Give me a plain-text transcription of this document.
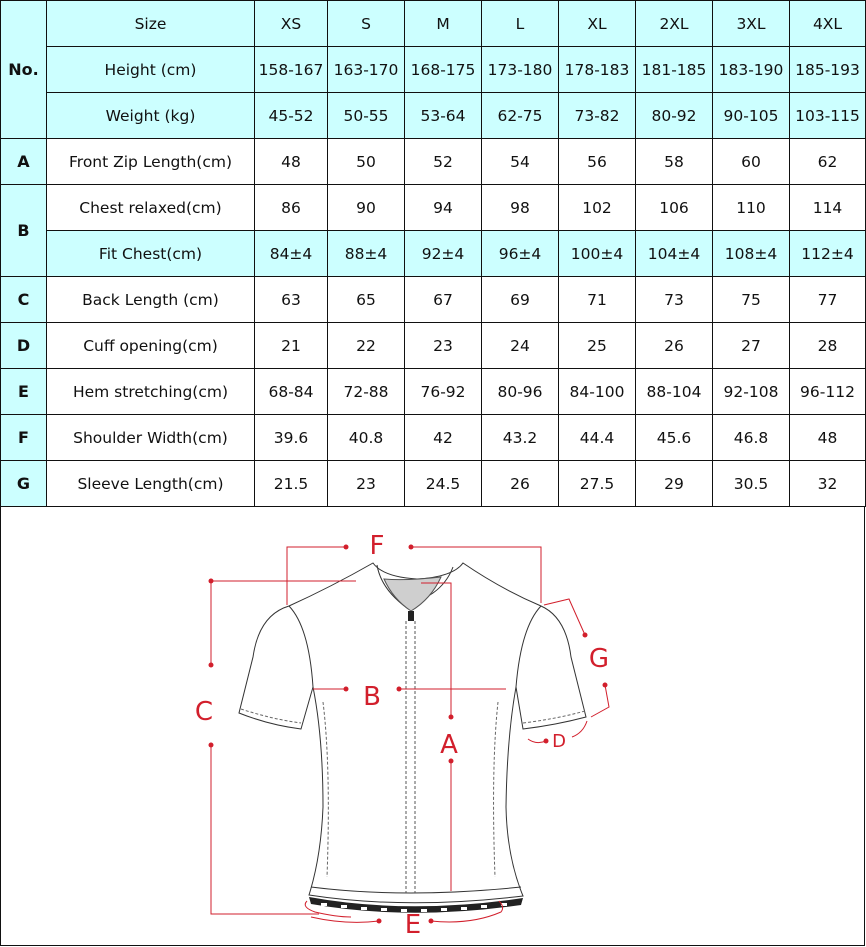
No.	Size	XS	S	M	L	XL	2XL	3XL	4XL
	Height (cm)	158-167	163-170	168-175	173-180	178-183	181-185	183-190	185-193
	Weight (kg)	45-52	50-55	53-64	62-75	73-82	80-92	90-105	103-115
A	Front Zip Length(cm)	48	50	52	54	56	58	60	62
B	Chest relaxed(cm)	86	90	94	98	102	106	110	114
	Fit Chest(cm)	84±4	88±4	92±4	96±4	100±4	104±4	108±4	112±4
C	Back Length (cm)	63	65	67	69	71	73	75	77
D	Cuff opening(cm)	21	22	23	24	25	26	27	28
E	Hem stretching(cm)	68-84	72-88	76-92	80-96	84-100	88-104	92-108	96-112
F	Shoulder Width(cm)	39.6	40.8	42	43.2	44.4	45.6	46.8	48
G	Sleeve Length(cm)	21.5	23	24.5	26	27.5	29	30.5	32
F
C	B
A
G
D
E
